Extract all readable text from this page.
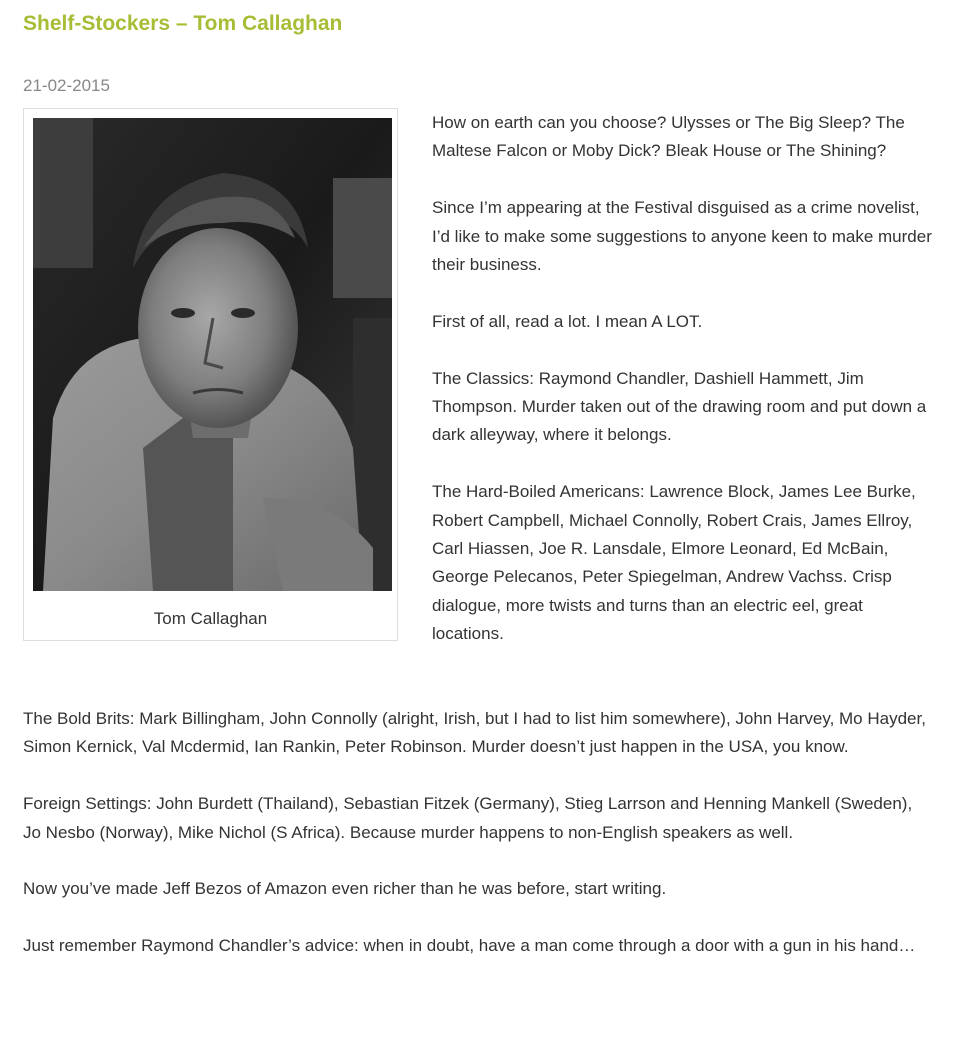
Shelf-Stockers – Tom Callaghan
21-02-2015
Tom Callaghan

How on earth can you choose? Ulysses or The Big Sleep? The Maltese Falcon or Moby Dick? Bleak House or The Shining?

Since I’m appearing at the Festival disguised as a crime novelist, I’d like to make some suggestions to anyone keen to make murder their business.

First of all, read a lot. I mean A LOT.

The Classics: Raymond Chandler, Dashiell Hammett, Jim Thompson. Murder taken out of the drawing room and put down a dark alleyway, where it belongs.

The Hard-Boiled Americans: Lawrence Block, James Lee Burke, Robert Campbell, Michael Connolly, Robert Crais, James Ellroy, Carl Hiassen, Joe R. Lansdale, Elmore Leonard, Ed McBain, George Pelecanos, Peter Spiegelman, Andrew Vachss. Crisp dialogue, more twists and turns than an electric eel, great locations.

The Bold Brits: Mark Billingham, John Connolly (alright, Irish, but I had to list him somewhere), John Harvey, Mo Hayder, Simon Kernick, Val Mcdermid, Ian Rankin, Peter Robinson. Murder doesn’t just happen in the USA, you know.

Foreign Settings: John Burdett (Thailand), Sebastian Fitzek (Germany), Stieg Larrson and Henning Mankell (Sweden), Jo Nesbo (Norway), Mike Nichol (S Africa). Because murder happens to non-English speakers as well.

Now you’ve made Jeff Bezos of Amazon even richer than he was before, start writing.

Just remember Raymond Chandler’s advice: when in doubt, have a man come through a door with a gun in his hand…
